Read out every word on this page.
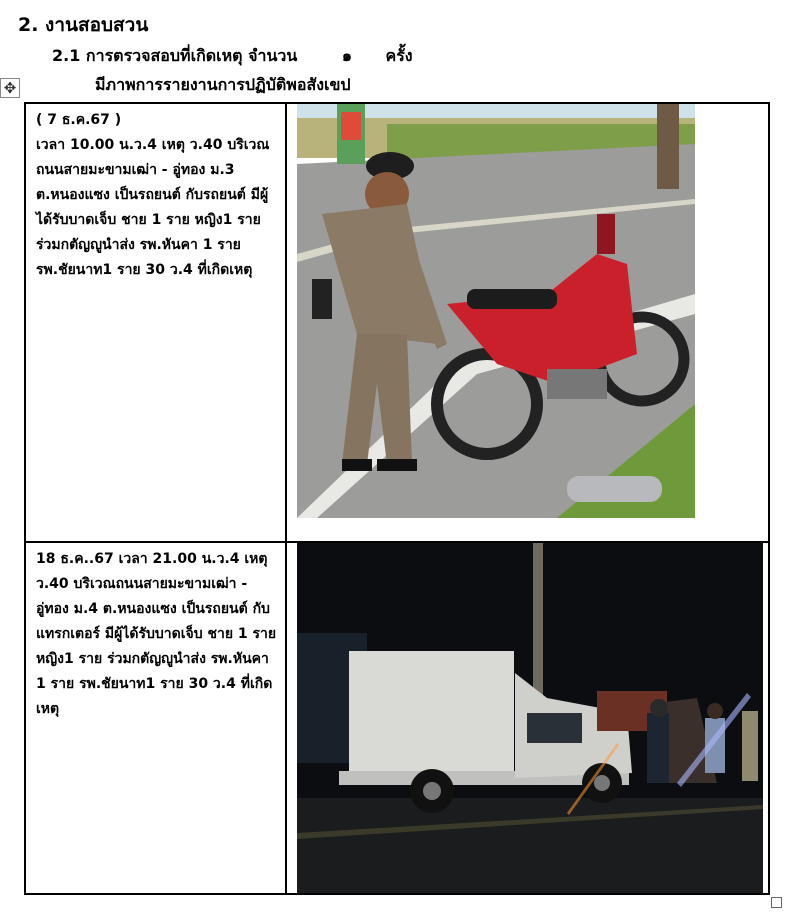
2. งานสอบสวน
2.1 การตรวจสอบที่เกิดเหตุ จำนวน        ๑      ครั้ง
✥	มีภาพการรายงานการปฏิบัติพอสังเขป
( 7 ธ.ค.67 )
เวลา 10.00 น.ว.4 เหตุ ว.40 บริเวณถนนสายมะขามเฒ่า - อู่ทอง ม.3 ต.หนองแซง เป็นรถยนต์ กับรถยนต์ มีผู้ได้รับบาดเจ็บ ชาย 1 ราย หญิง1 ราย ร่วมกตัญญูนำส่ง รพ.หันคา 1 ราย รพ.ชัยนาท1 ราย 30 ว.4 ที่เกิดเหตุ

18 ธ.ค..67 เวลา 21.00 น.ว.4 เหตุ ว.40 บริเวณถนนสายมะขามเฒ่า - อู่ทอง ม.4 ต.หนองแซง เป็นรถยนต์ กับแทรกเตอร์ มีผู้ได้รับบาดเจ็บ ชาย 1 ราย หญิง1 ราย ร่วมกตัญญูนำส่ง รพ.หันคา 1 ราย รพ.ชัยนาท1 ราย 30 ว.4 ที่เกิดเหตุ
